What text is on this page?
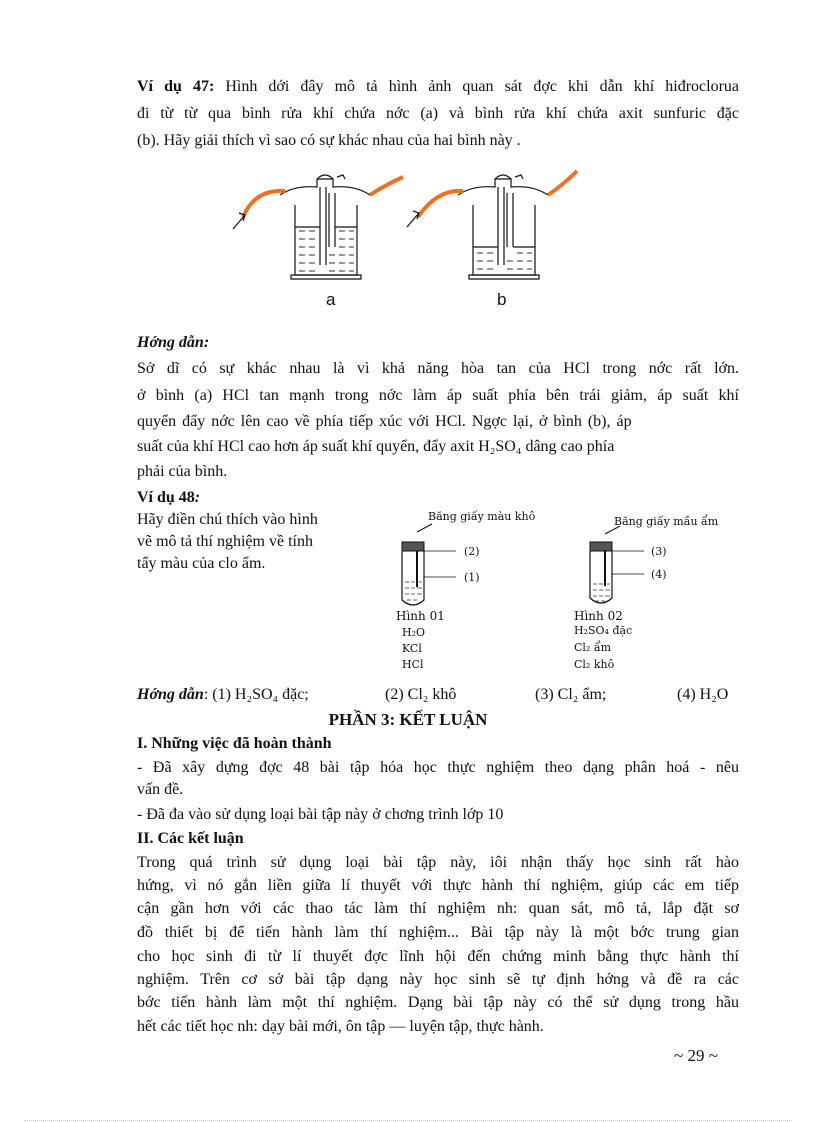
Ví dụ 47: Hình dới đây mô tả hình ảnh quan sát đợc khi dẫn khí hiđroclorua
đi từ từ qua bình rửa khí chứa nớc (a) và bình rửa khí chứa axit sunfuric đặc
(b). Hãy giải thích vì sao có sự khác nhau của hai bình này .
a	b
Hớng dẫn:
Sở dĩ có sự khác nhau là vì khả năng hòa tan của HCl trong nớc rất lớn.
ở bình (a) HCl tan mạnh trong nớc làm áp suất phía bên trái giảm, áp suất khí
quyển đẩy nớc lên cao về phía tiếp xúc với HCl. Ngợc lại, ở bình (b), áp
suất của khí HCl cao hơn áp suất khí quyển, đẩy axit H₂SO₄ dâng cao phía
phải của bình.
Ví dụ 48:
Hãy điền chú thích vào hình
vẽ mô tả thí nghiệm về tính
tẩy màu của clo ẩm.
Băng giấy màu khô
(2)
(1)
Hình 01
H₂O
KCl
HCl
Băng giấy mầu ẩm
(3)
(4)
Hình 02
H₂SO₄ đặc
Cl₂ ẩm
Cl₂ khô
Hớng dẫn: (1) H₂SO₄ đặc;	(2) Cl₂ khô	(3) Cl₂ ẩm;	(4) H₂O
PHẦN 3: KẾT LUẬN
I. Những việc đã hoàn thành
- Đã xây dựng đợc 48 bài tập hóa học thực nghiệm theo dạng phân hoá - nêu
vấn đề.
- Đã đa vào sử dụng loại bài tập này ở chơng trình lớp 10
II. Các kết luận
Trong quá trình sử dụng loại bài tập này, iôi nhận thấy học sinh rất hào
hứng, vì nó gắn liền giữa lí thuyết với thực hành thí nghiệm, giúp các em tiếp
cận gần hơn với các thao tác làm thí nghiệm nh: quan sát, mô tả, lắp đặt sơ
đồ thiết bị để tiến hành làm thí nghiệm... Bài tập này là một bớc trung gian
cho học sinh đi từ lí thuyết đợc lĩnh hội đến chứng minh bằng thực hành thí
nghiệm. Trên cơ sở bài tập dạng này học sinh sẽ tự định hớng và đề ra các
bớc tiến hành làm một thí nghiệm. Dạng bài tập này có thể sử dụng trong hầu
hết các tiết học nh: dạy bài mới, ôn tập — luyện tập, thực hành.
~ 29 ~
